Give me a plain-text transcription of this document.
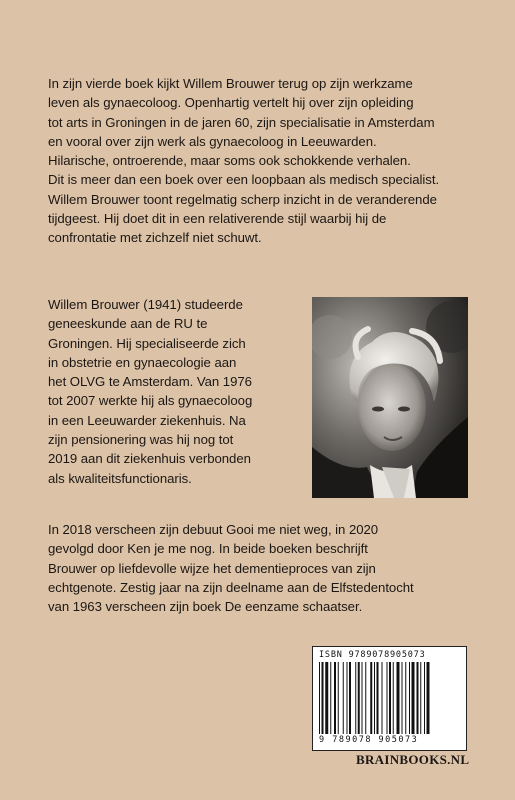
In zijn vierde boek kijkt Willem Brouwer terug op zijn werkzame
leven als gynaecoloog. Openhartig vertelt hij over zijn opleiding
tot arts in Groningen in de jaren 60, zijn specialisatie in Amsterdam
en vooral over zijn werk als gynaecoloog in Leeuwarden.
Hilarische, ontroerende, maar soms ook schokkende verhalen.
Dit is meer dan een boek over een loopbaan als medisch specialist.
Willem Brouwer toont regelmatig scherp inzicht in de veranderende
tijdgeest. Hij doet dit in een relativerende stijl waarbij hij de
confrontatie met zichzelf niet schuwt.

Willem Brouwer (1941) studeerde
geneeskunde aan de RU te
Groningen. Hij specialiseerde zich
in obstetrie en gynaecologie aan
het OLVG te Amsterdam. Van 1976
tot 2007 werkte hij als gynaecoloog
in een Leeuwarder ziekenhuis. Na
zijn pensionering was hij nog tot
2019 aan dit ziekenhuis verbonden
als kwaliteitsfunctionaris.

In 2018 verscheen zijn debuut Gooi me niet weg, in 2020
gevolgd door Ken je me nog. In beide boeken beschrijft
Brouwer op liefdevolle wijze het dementieproces van zijn
echtgenote. Zestig jaar na zijn deelname aan de Elfstedentocht
van 1963 verscheen zijn boek De eenzame schaatser.

ISBN 9789078905073
9 789078 905073
BRAINBOOKS.NL
